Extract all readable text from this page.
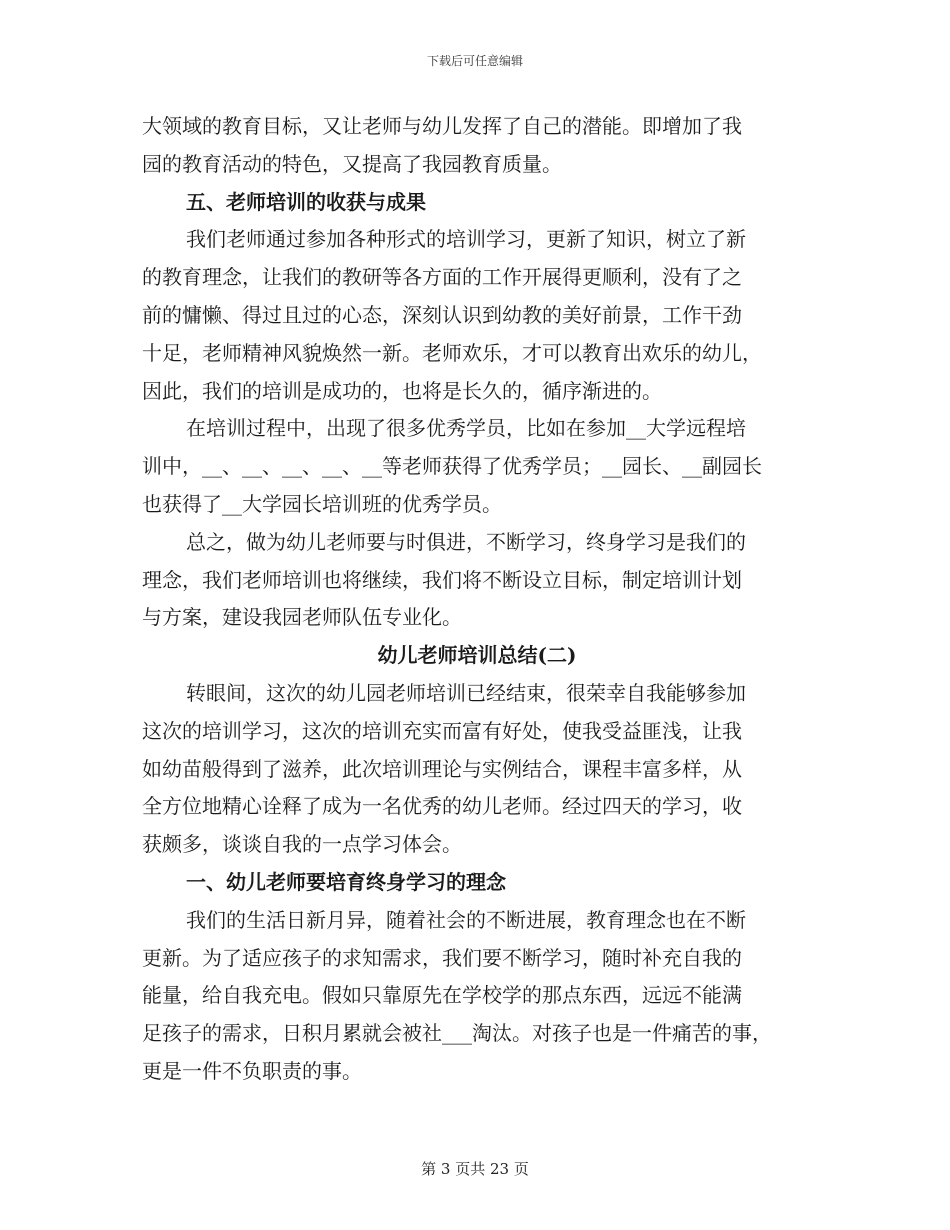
下载后可任意编辑
大领域的教育目标，又让老师与幼儿发挥了自己的潜能。即增加了我
园的教育活动的特色，又提高了我园教育质量。
五、老师培训的收获与成果
我们老师通过参加各种形式的培训学习，更新了知识，树立了新
的教育理念，让我们的教研等各方面的工作开展得更顺利，没有了之
前的慵懒、得过且过的心态，深刻认识到幼教的美好前景，工作干劲
十足，老师精神风貌焕然一新。老师欢乐，才可以教育出欢乐的幼儿，
因此，我们的培训是成功的，也将是长久的，循序渐进的。
在培训过程中，出现了很多优秀学员，比如在参加__大学远程培
训中，__、__、__、__、__等老师获得了优秀学员；__园长、__副园长
也获得了__大学园长培训班的优秀学员。
总之，做为幼儿老师要与时俱进，不断学习，终身学习是我们的
理念，我们老师培训也将继续，我们将不断设立目标，制定培训计划
与方案，建设我园老师队伍专业化。
幼儿老师培训总结(二)
转眼间，这次的幼儿园老师培训已经结束，很荣幸自我能够参加
这次的培训学习，这次的培训充实而富有好处，使我受益匪浅，让我
如幼苗般得到了滋养，此次培训理论与实例结合，课程丰富多样，从
全方位地精心诠释了成为一名优秀的幼儿老师。经过四天的学习，收
获颇多，谈谈自我的一点学习体会。
一、幼儿老师要培育终身学习的理念
我们的生活日新月异，随着社会的不断进展，教育理念也在不断
更新。为了适应孩子的求知需求，我们要不断学习，随时补充自我的
能量，给自我充电。假如只靠原先在学校学的那点东西，远远不能满
足孩子的需求，日积月累就会被社___淘汰。对孩子也是一件痛苦的事，
更是一件不负职责的事。
第 3 页共 23 页
